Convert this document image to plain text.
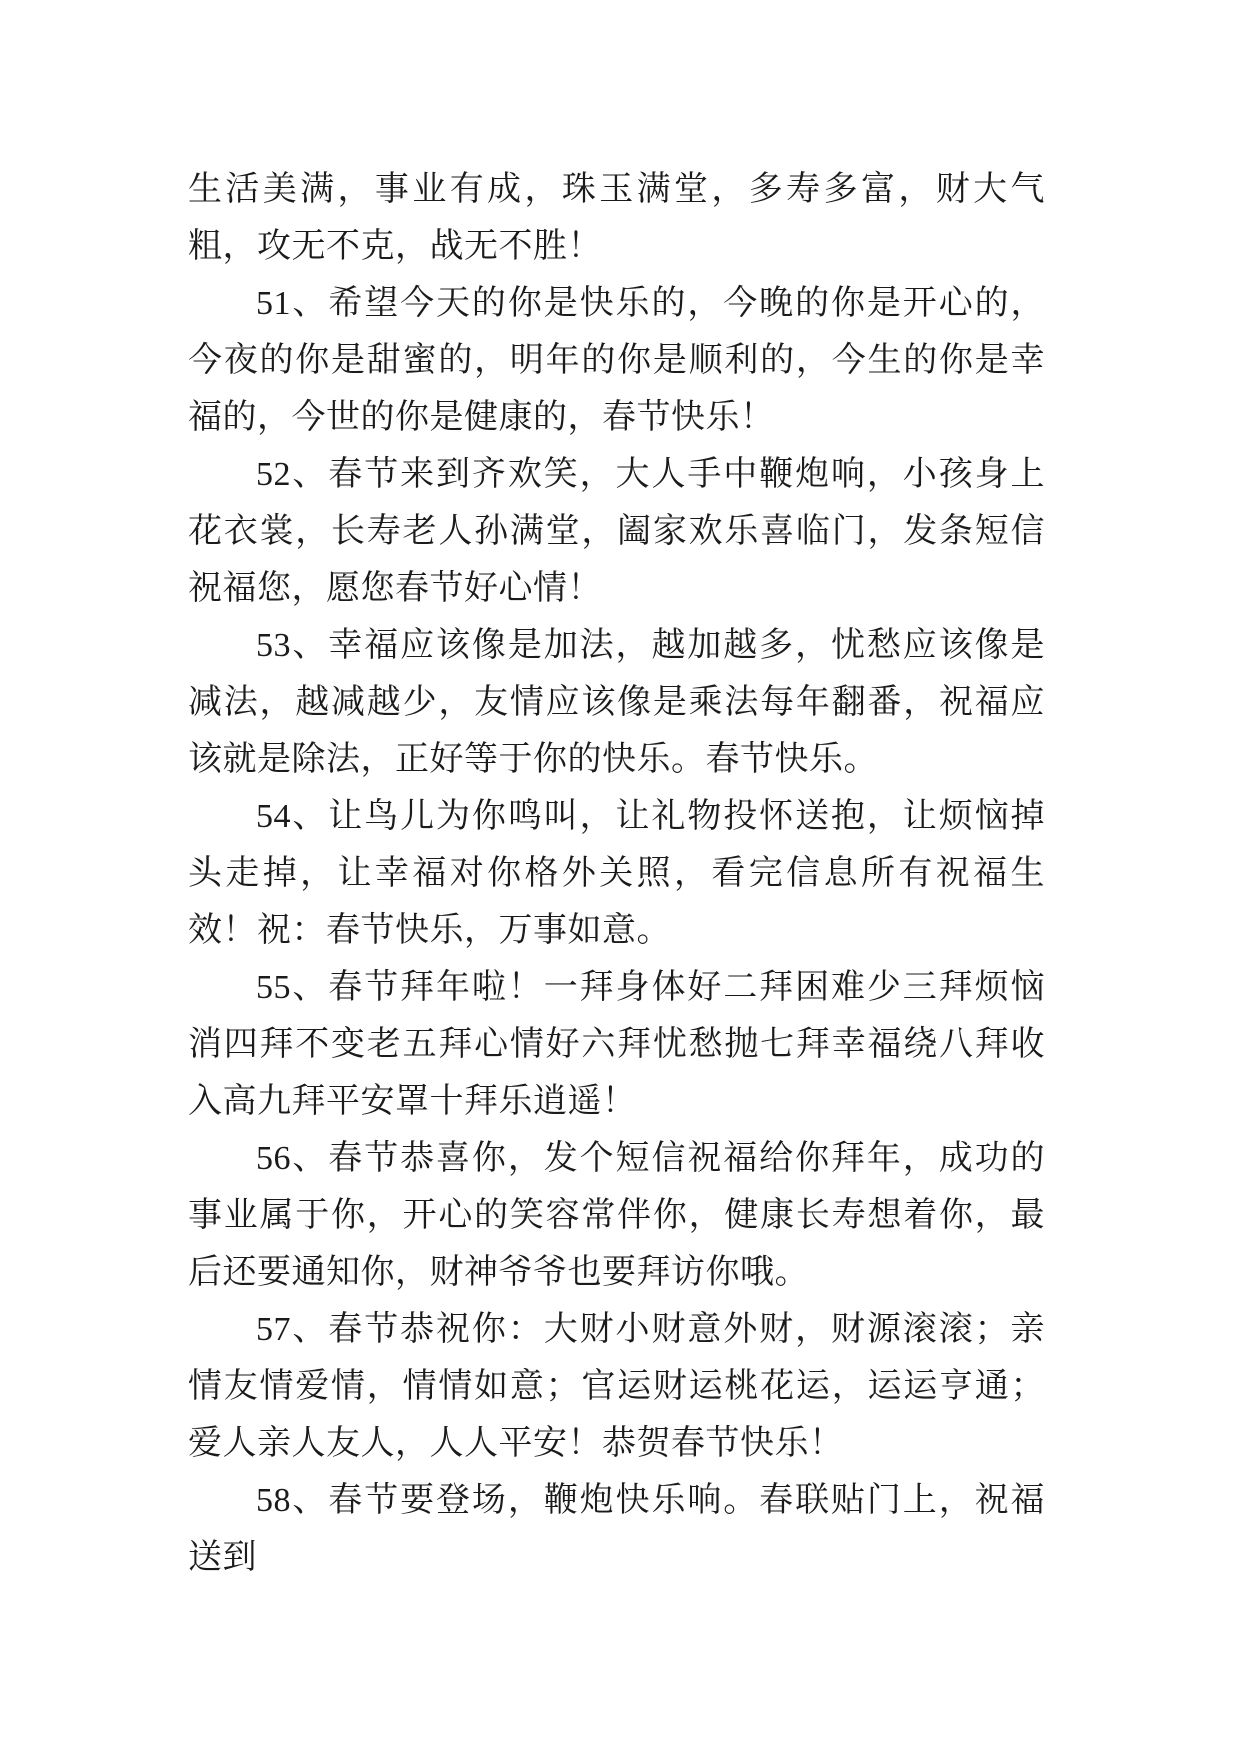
生活美满，事业有成，珠玉满堂，多寿多富，财大气粗，攻无不克，战无不胜！

51、希望今天的你是快乐的，今晚的你是开心的，今夜的你是甜蜜的，明年的你是顺利的，今生的你是幸福的，今世的你是健康的，春节快乐！

52、春节来到齐欢笑，大人手中鞭炮响，小孩身上花衣裳，长寿老人孙满堂，阖家欢乐喜临门，发条短信祝福您，愿您春节好心情！

53、幸福应该像是加法，越加越多，忧愁应该像是减法，越减越少，友情应该像是乘法每年翻番，祝福应该就是除法，正好等于你的快乐。春节快乐。

54、让鸟儿为你鸣叫，让礼物投怀送抱，让烦恼掉头走掉，让幸福对你格外关照，看完信息所有祝福生效！祝：春节快乐，万事如意。

55、春节拜年啦！一拜身体好二拜困难少三拜烦恼消四拜不变老五拜心情好六拜忧愁抛七拜幸福绕八拜收入高九拜平安罩十拜乐逍遥！

56、春节恭喜你，发个短信祝福给你拜年，成功的事业属于你，开心的笑容常伴你，健康长寿想着你，最后还要通知你，财神爷爷也要拜访你哦。

57、春节恭祝你：大财小财意外财，财源滚滚；亲情友情爱情，情情如意；官运财运桃花运，运运亨通；爱人亲人友人，人人平安！恭贺春节快乐！

58、春节要登场，鞭炮快乐响。春联贴门上，祝福送到
